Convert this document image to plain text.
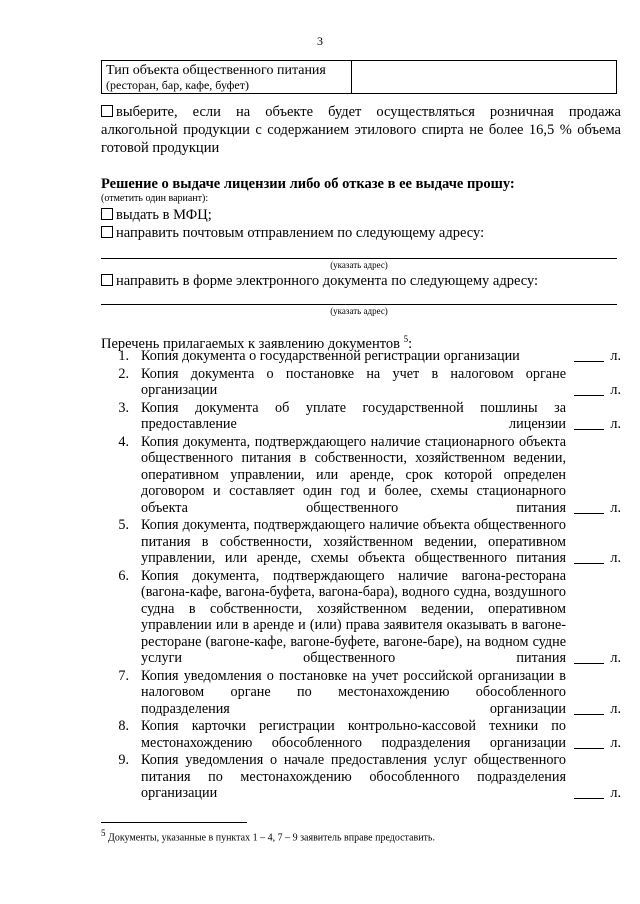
3
Тип объекта общественного питания
(ресторан, бар, кафе, буфет)
выберите, если на объекте будет осуществляться розничная продажа алкогольной продукции с содержанием этилового спирта не более 16,5 % объема готовой продукции
Решение о выдаче лицензии либо об отказе в ее выдаче прошу:
(отметить один вариант):
выдать в МФЦ;
направить почтовым отправлением по следующему адресу:
(указать адрес)
направить в форме электронного документа по следующему адресу:
(указать адрес)
Перечень прилагаемых к заявлению документов $^5$:
1. Копия документа о государственной регистрации организации	л.
2. Копия документа о постановке на учет в налоговом органе организации	л.
3. Копия документа об уплате государственной пошлины за предоставление лицензии	л.
4. Копия документа, подтверждающего наличие стационарного объекта общественного питания в собственности, хозяйственном ведении, оперативном управлении, или аренде, срок которой определен договором и составляет один год и более, схемы стационарного объекта общественного питания	л.
5. Копия документа, подтверждающего наличие объекта общественного питания в собственности, хозяйственном ведении, оперативном управлении, или аренде, схемы объекта общественного питания	л.
6. Копия документа, подтверждающего наличие вагона-ресторана (вагона-кафе, вагона-буфета, вагона-бара), водного судна, воздушного судна в собственности, хозяйственном ведении, оперативном управлении или в аренде и (или) права заявителя оказывать в вагоне-ресторане (вагоне-кафе, вагоне-буфете, вагоне-баре), на водном судне услуги общественного питания	л.
7. Копия уведомления о постановке на учет российской организации в налоговом органе по местонахождению обособленного подразделения организации	л.
8. Копия карточки регистрации контрольно-кассовой техники по местонахождению обособленного подразделения организации	л.
9. Копия уведомления о начале предоставления услуг общественного питания по местонахождению обособленного подразделения организации	л.
$^5$ Документы, указанные в пунктах 1 – 4, 7 – 9 заявитель вправе предоставить.
